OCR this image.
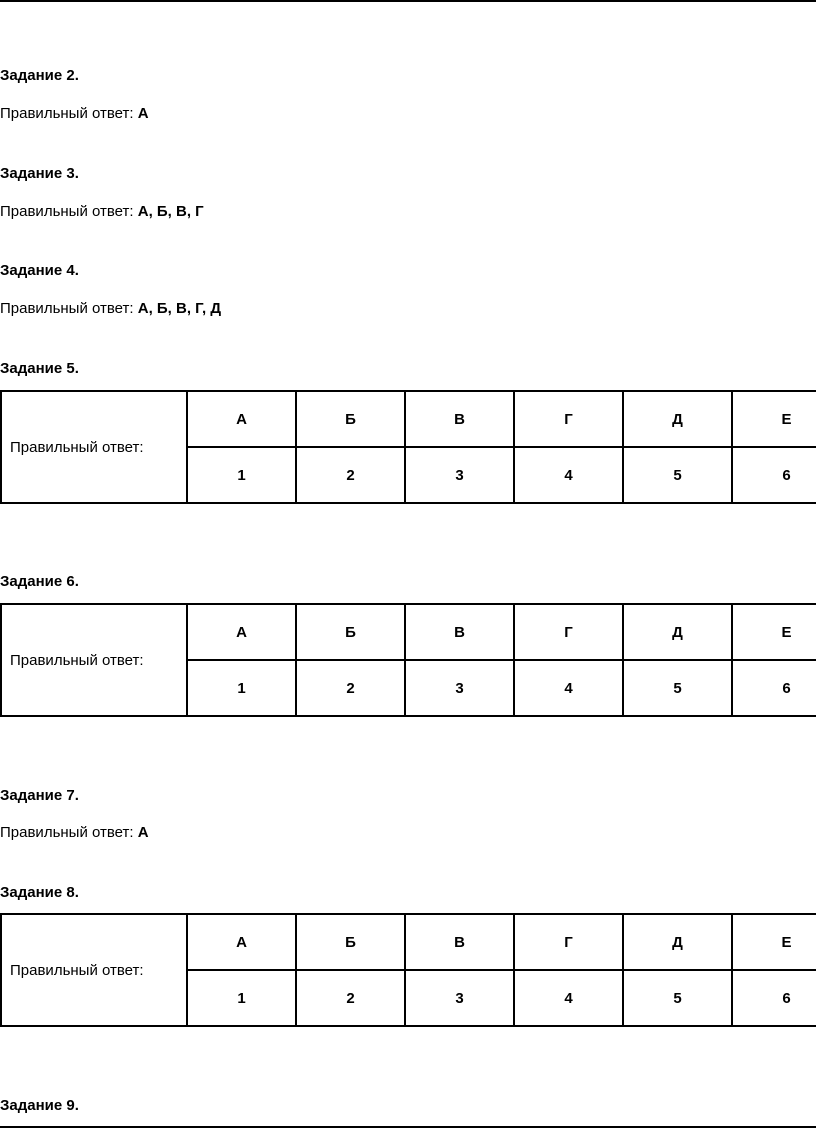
Задание 2.
Правильный ответ: А
Задание 3.
Правильный ответ: А, Б, В, Г
Задание 4.
Правильный ответ: А, Б, В, Г, Д
Задание 5.
Правильный ответ:	А	Б	В	Г	Д	Е
	1	2	3	4	5	6
Задание 6.
Правильный ответ:	А	Б	В	Г	Д	Е
	1	2	3	4	5	6
Задание 7.
Правильный ответ: А
Задание 8.
Правильный ответ:	А	Б	В	Г	Д	Е
	1	2	3	4	5	6
Задание 9.
